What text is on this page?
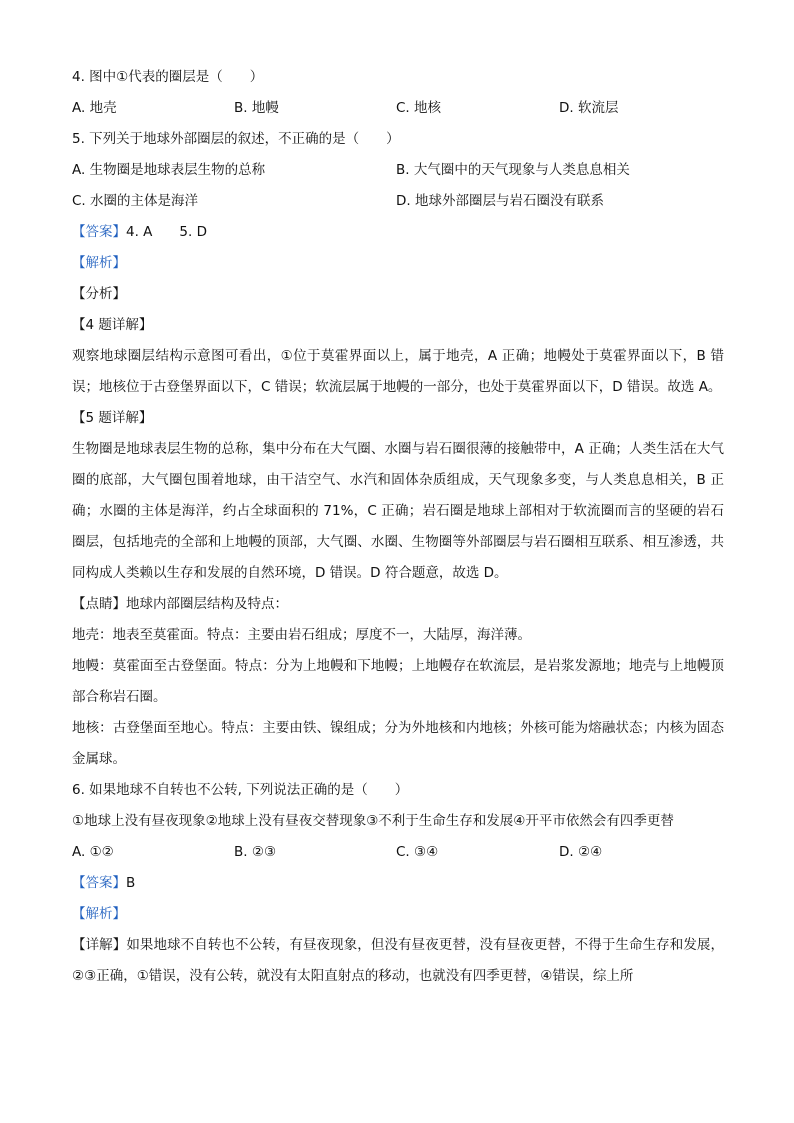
4. 图中①代表的圈层是（　　）
A. 地壳	B. 地幔	C. 地核	D. 软流层
5. 下列关于地球外部圈层的叙述，不正确的是（　　）
A. 生物圈是地球表层生物的总称	B. 大气圈中的天气现象与人类息息相关
C. 水圈的主体是海洋	D. 地球外部圈层与岩石圈没有联系
【答案】4. A　　5. D
【解析】
【分析】
【4 题详解】
观察地球圈层结构示意图可看出，①位于莫霍界面以上，属于地壳，A 正确；地幔处于莫霍界面以下，B 错误；地核位于古登堡界面以下，C 错误；软流层属于地幔的一部分，也处于莫霍界面以下，D 错误。故选 A。
【5 题详解】
生物圈是地球表层生物的总称，集中分布在大气圈、水圈与岩石圈很薄的接触带中，A 正确；人类生活在大气圈的底部，大气圈包围着地球，由干洁空气、水汽和固体杂质组成，天气现象多变，与人类息息相关，B 正确；水圈的主体是海洋，约占全球面积的 71%，C 正确；岩石圈是地球上部相对于软流圈而言的坚硬的岩石圈层，包括地壳的全部和上地幔的顶部，大气圈、水圈、生物圈等外部圈层与岩石圈相互联系、相互渗透，共同构成人类赖以生存和发展的自然环境，D 错误。D 符合题意，故选 D。
【点睛】地球内部圈层结构及特点：
地壳：地表至莫霍面。特点：主要由岩石组成；厚度不一，大陆厚，海洋薄。
地幔：莫霍面至古登堡面。特点：分为上地幔和下地幔；上地幔存在软流层，是岩浆发源地；地壳与上地幔顶部合称岩石圈。
地核：古登堡面至地心。特点：主要由铁、镍组成；分为外地核和内地核；外核可能为熔融状态；内核为固态金属球。
6. 如果地球不自转也不公转, 下列说法正确的是（　　）
①地球上没有昼夜现象②地球上没有昼夜交替现象③不利于生命生存和发展④开平市依然会有四季更替
A. ①②	B. ②③	C. ③④	D. ②④
【答案】B
【解析】
【详解】如果地球不自转也不公转，有昼夜现象，但没有昼夜更替，没有昼夜更替，不得于生命生存和发展，②③正确，①错误，没有公转，就没有太阳直射点的移动，也就没有四季更替，④错误，综上所
